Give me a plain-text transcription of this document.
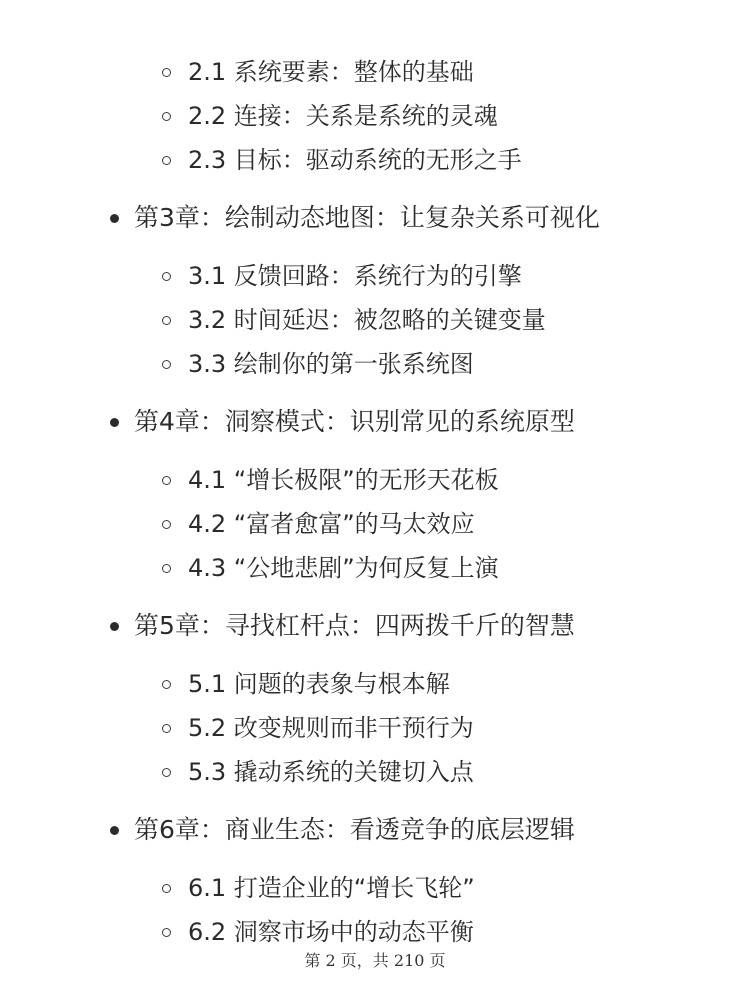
2.1 系统要素：整体的基础
2.2 连接：关系是系统的灵魂
2.3 目标：驱动系统的无形之手
第3章：绘制动态地图：让复杂关系可视化
3.1 反馈回路：系统行为的引擎
3.2 时间延迟：被忽略的关键变量
3.3 绘制你的第一张系统图
第4章：洞察模式：识别常见的系统原型
4.1 “增长极限”的无形天花板
4.2 “富者愈富”的马太效应
4.3 “公地悲剧”为何反复上演
第5章：寻找杠杆点：四两拨千斤的智慧
5.1 问题的表象与根本解
5.2 改变规则而非干预行为
5.3 撬动系统的关键切入点
第6章：商业生态：看透竞争的底层逻辑
6.1 打造企业的“增长飞轮”
6.2 洞察市场中的动态平衡
第 2 页，共 210 页
